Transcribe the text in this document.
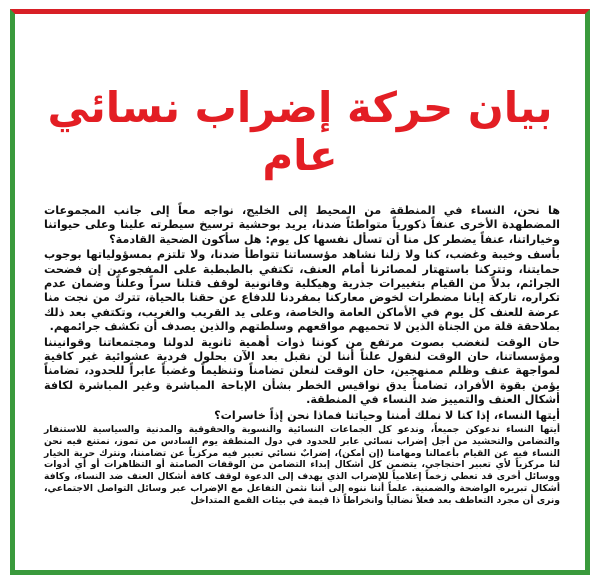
بيان حركة إضراب نسائي عام

ها نحن، النساء في المنطقة من المحيط إلى الخليج، نواجه معاً إلى جانب المجموعات المضطهدة الأخرى عنفاً ذكورياً متواطئاً ضدنا، يريد بوحشية ترسيخ سيطرته علينا وعلى حيواتنا وخياراتنا، عنفاً يضطر كل منا أن تسأل نفسها كل يوم: هل سأكون الضحية القادمة؟

بأسف وخيبة وغضب، كنا ولا زلنا نشاهد مؤسساتنا تتواطأ ضدنا، ولا تلتزم بمسؤولياتها بوجوب حمايتنا، وتتركنا باستهتار لمصائرنا أمام العنف، تكتفي بالطبطبة على المفجوعين إن فضحت الجرائم، بدلاً من القيام بتغييرات جذرية وهيكلية وقانونية لوقف قتلنا سراً وعلناً وضمان عدم تكراره، تاركة إيانا مضطرات لخوض معاركنا بمفردنا للدفاع عن حقنا بالحياة، تترك من نجت منا عرضة للعنف كل يوم في الأماكن العامة والخاصة، وعلى يد القريب والغريب، وتكتفي بعد ذلك بملاحقة قلة من الجناة الذين لا تحميهم مواقعهم وسلطتهم والذين يصدف أن تكشف جرائمهم.

حان الوقت لنغضب بصوت مرتفع من كوننا ذوات أهمية ثانوية لدولنا ومجتمعاتنا وقوانيننا ومؤسساتنا، حان الوقت لنقول علناً أننا لن نقبل بعد الآن بحلول فردية عشوائية غير كافية لمواجهة عنف وظلم ممنهجين، حان الوقت لنعلن تضامناً وتنظيماً وغضباً عابراً للحدود، تضامناً يؤمن بقوة الأفراد، تضامناً يدق نواقيس الخطر بشأن الإباحة المباشرة وغير المباشرة لكافة أشكال العنف والتمييز ضد النساء في المنطقة.

أيتها النساء، إذا كنا لا نملك أمننا وحياتنا فماذا نحن إذاً خاسرات؟

أيتها النساء ندعوكن جميعاً، وندعو كل الجماعات النسائية والنسوية والحقوقية والمدنية والسياسية للاستنفار والتضامن والتحشيد من أجل إضراب نسائي عابر للحدود في دول المنطقة يوم السادس من تموز، نمتنع فيه نحن النساء فيه عن القيام بأعمالنا ومهامنا (إن أمكن)، إضرابٌ نسائي تعبير فيه مركزياً عن تضامننا، ونترك حرية الخيار لنا مركزياً لأي تعبير احتجاجي، يتضمن كل أشكال إبداء التضامن من الوقفات الصامتة أو التظاهرات أو أي أدوات ووسائل أخرى قد تعطي زخماً إعلامياً للإضراب الذي يهدف إلى الدعوة لوقف كافة أشكال العنف ضد النساء، وكافة أشكال تبريره الواضحة والضمنية. علماً أننا ننوه إلى أننا نثمن التفاعل مع الإضراب عبر وسائل التواصل الاجتماعي، ونرى أن مجرد التعاطف بعد فعلاً نضالياً وانخراطاً ذا قيمة في بيئات القمع المتداخل
